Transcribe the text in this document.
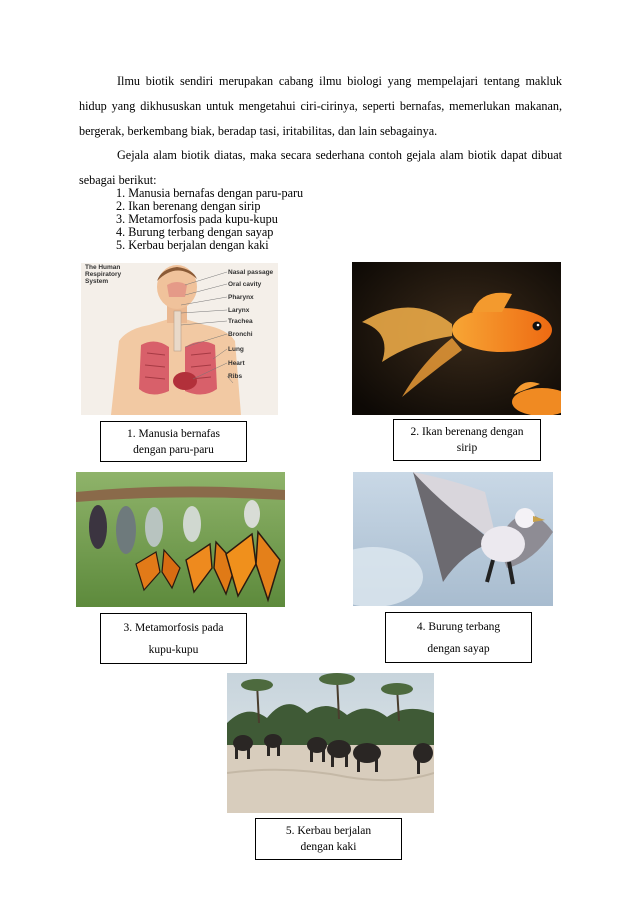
Ilmu biotik sendiri merupakan cabang ilmu biologi yang mempelajari tentang makluk hidup yang dikhususkan untuk mengetahui ciri-cirinya, seperti bernafas, memerlukan makanan, bergerak, berkembang biak, beradap tasi, iritabilitas, dan lain sebagainya.

Gejala alam biotik diatas, maka secara sederhana contoh gejala alam biotik dapat dibuat sebagai berikut:

1. Manusia bernafas dengan paru-paru
2. Ikan berenang dengan sirip
3. Metamorfosis pada kupu-kupu
4. Burung terbang dengan sayap
5. Kerbau berjalan dengan kaki
The Human
Respiratory
System
Nasal passage
Oral cavity
Pharynx
Larynx
Trachea
Bronchi
Lung
Heart
Ribs
1. Manusia bernafas
dengan paru-paru
2. Ikan berenang dengan
sirip
3. Metamorfosis pada
kupu-kupu
4. Burung terbang
dengan sayap
5. Kerbau berjalan
dengan kaki
